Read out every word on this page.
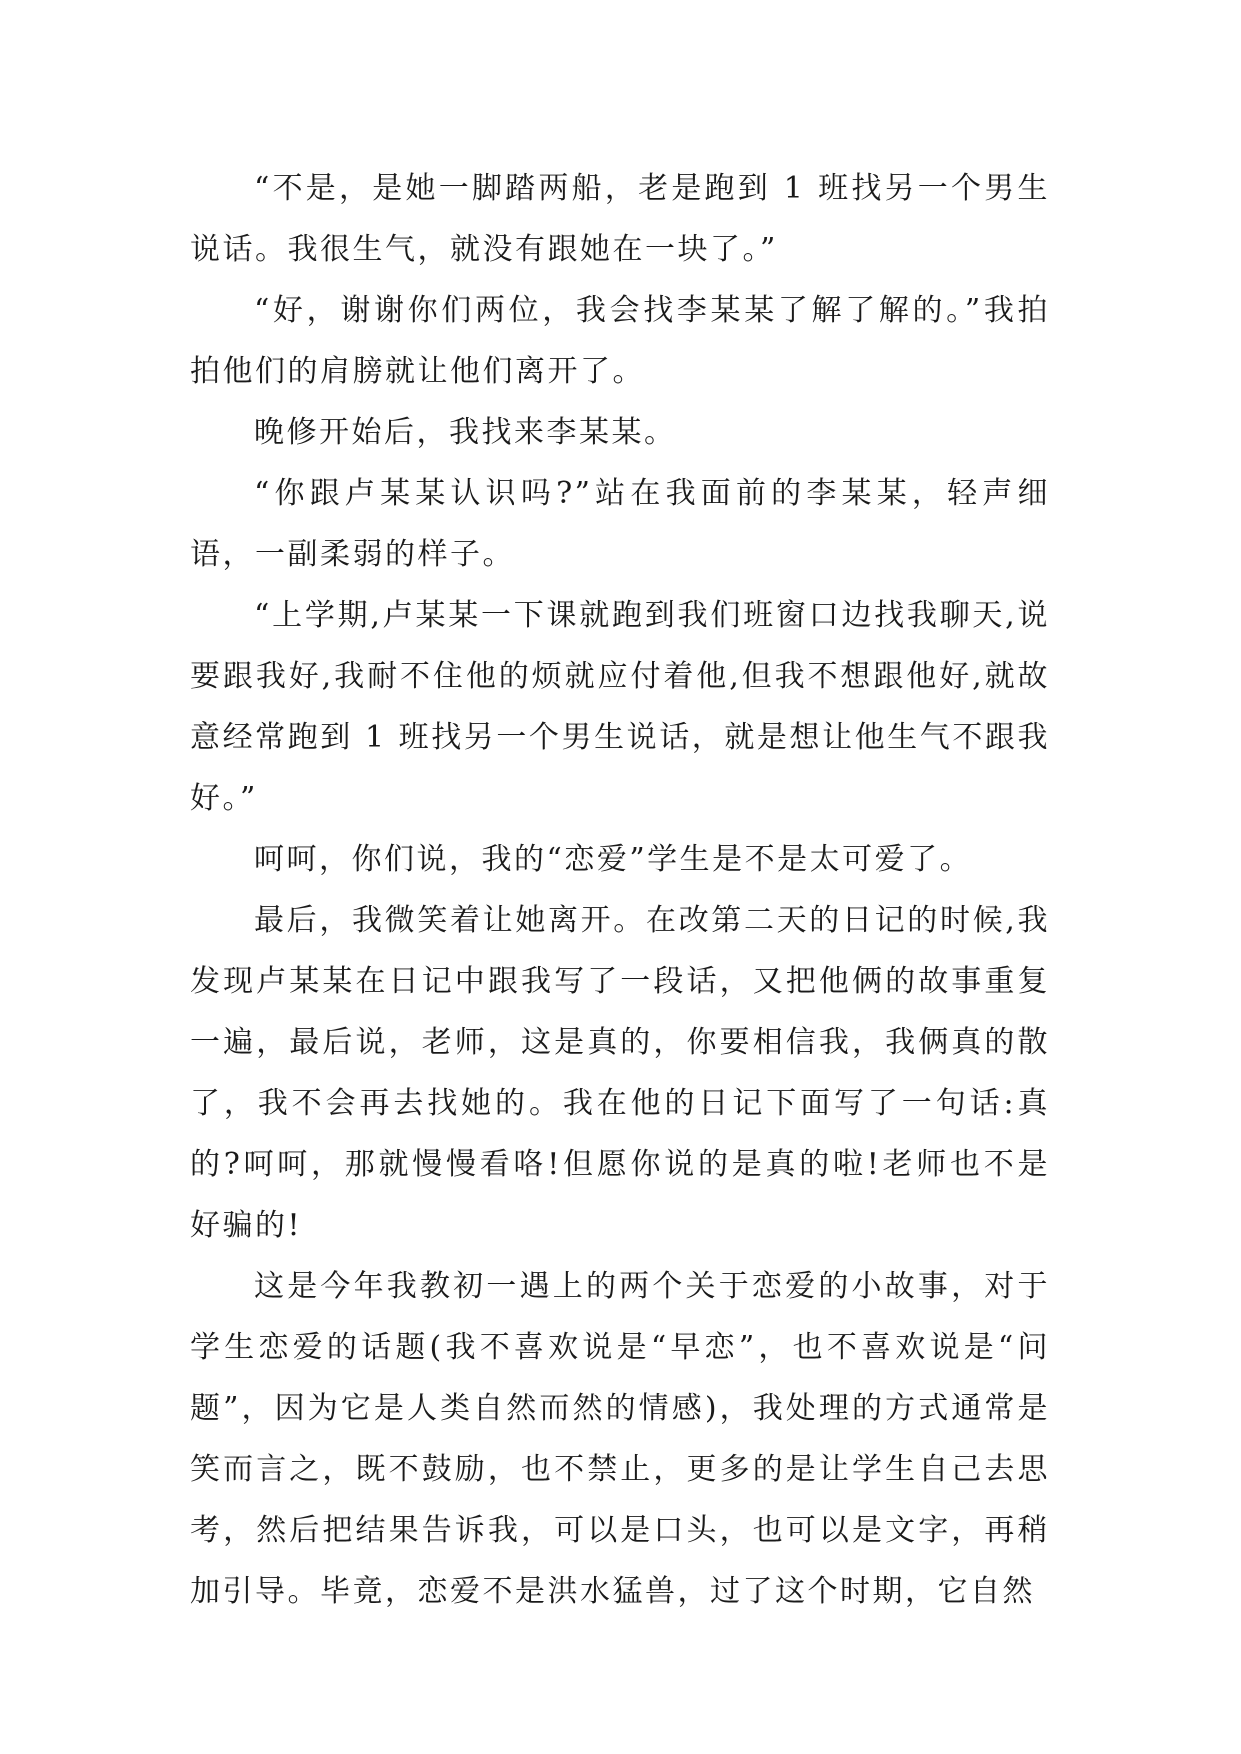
“不是，是她一脚踏两船，老是跑到 1 班找另一个男生说话。我很生气，就没有跟她在一块了。”

“好，谢谢你们两位，我会找李某某了解了解的。”我拍拍他们的肩膀就让他们离开了。

晚修开始后，我找来李某某。

“你跟卢某某认识吗?”站在我面前的李某某，轻声细语，一副柔弱的样子。

“上学期,卢某某一下课就跑到我们班窗口边找我聊天,说要跟我好,我耐不住他的烦就应付着他,但我不想跟他好,就故意经常跑到 1 班找另一个男生说话，就是想让他生气不跟我好。”

呵呵，你们说，我的“恋爱”学生是不是太可爱了。

最后，我微笑着让她离开。在改第二天的日记的时候,我发现卢某某在日记中跟我写了一段话，又把他俩的故事重复一遍，最后说，老师，这是真的，你要相信我，我俩真的散了，我不会再去找她的。我在他的日记下面写了一句话:真的?呵呵，那就慢慢看咯!但愿你说的是真的啦!老师也不是好骗的!

这是今年我教初一遇上的两个关于恋爱的小故事，对于学生恋爱的话题(我不喜欢说是“早恋”，也不喜欢说是“问题”，因为它是人类自然而然的情感)，我处理的方式通常是笑而言之，既不鼓励，也不禁止，更多的是让学生自己去思考，然后把结果告诉我，可以是口头，也可以是文字，再稍加引导。毕竟，恋爱不是洪水猛兽，过了这个时期，它自然
